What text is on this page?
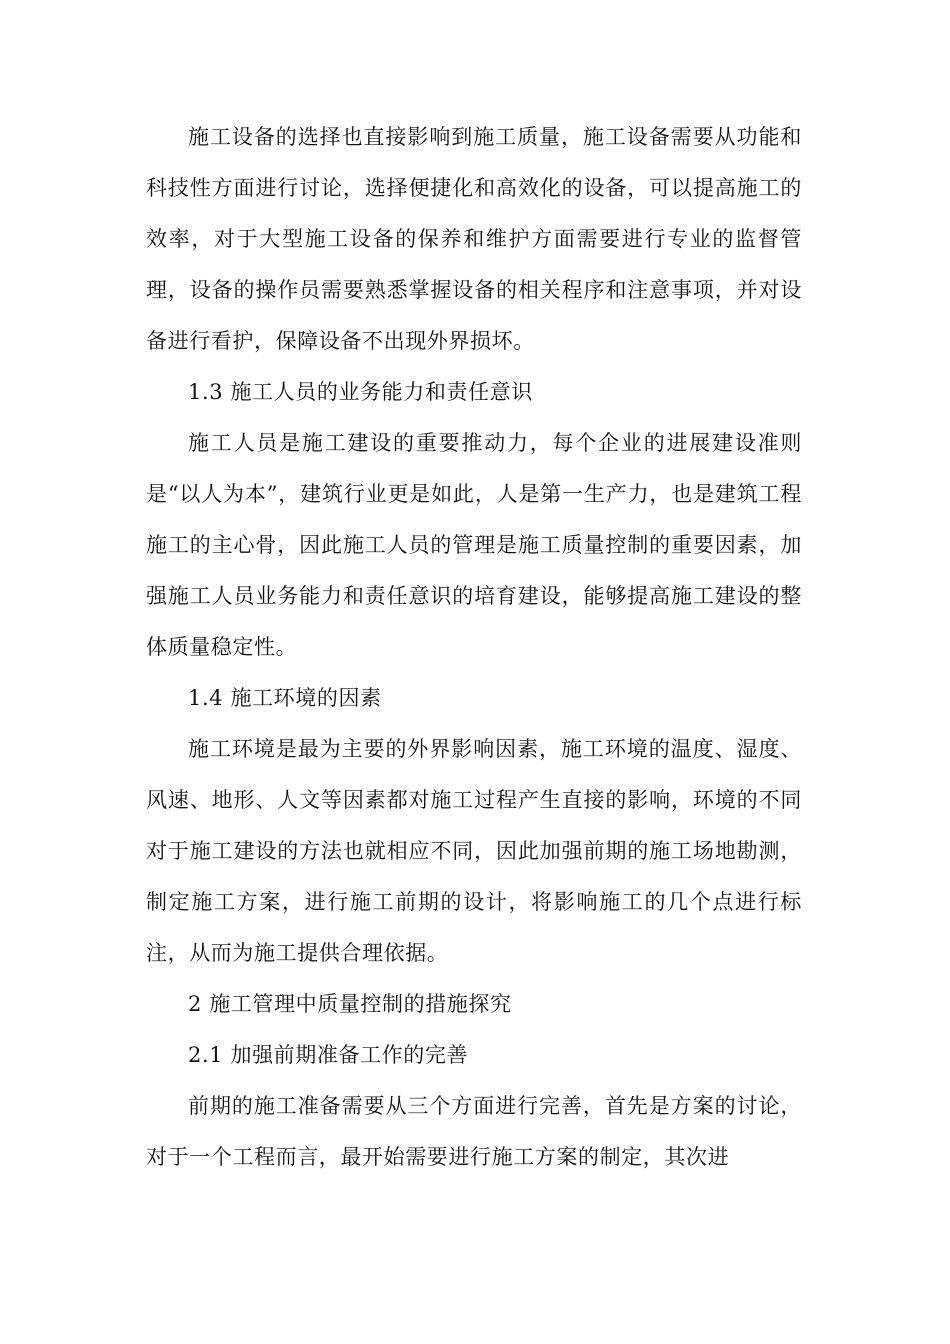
施工设备的选择也直接影响到施工质量，施工设备需要从功能和科技性方面进行讨论，选择便捷化和高效化的设备，可以提高施工的效率，对于大型施工设备的保养和维护方面需要进行专业的监督管理，设备的操作员需要熟悉掌握设备的相关程序和注意事项，并对设备进行看护，保障设备不出现外界损坏。

1.3 施工人员的业务能力和责任意识

施工人员是施工建设的重要推动力，每个企业的进展建设准则是“以人为本”，建筑行业更是如此，人是第一生产力，也是建筑工程施工的主心骨，因此施工人员的管理是施工质量控制的重要因素，加强施工人员业务能力和责任意识的培育建设，能够提高施工建设的整体质量稳定性。

1.4 施工环境的因素

施工环境是最为主要的外界影响因素，施工环境的温度、湿度、风速、地形、人文等因素都对施工过程产生直接的影响，环境的不同对于施工建设的方法也就相应不同，因此加强前期的施工场地勘测，制定施工方案，进行施工前期的设计，将影响施工的几个点进行标注，从而为施工提供合理依据。

2 施工管理中质量控制的措施探究

2.1 加强前期准备工作的完善

前期的施工准备需要从三个方面进行完善，首先是方案的讨论，对于一个工程而言，最开始需要进行施工方案的制定，其次进
